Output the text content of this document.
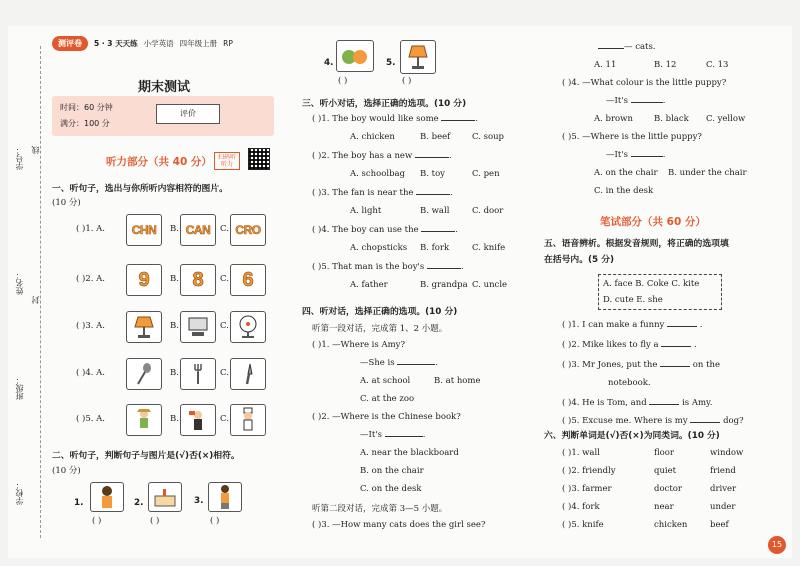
学号：
姓名：
班级：
学校：
线
封
测评卷	5 · 3 天天练 小学英语 四年级上册 RP
期末测试
时间：60 分钟
满分：100 分
评价
听力部分（共 40 分）	扫码听听力
一、听句子，选出与你所听内容相符的图片。
(10 分)
( )1. A.	B.	C.
CHN CAN CRO
( )2. A.	B.	C.
9 8 6
( )3. A.	B.	C.
( )4. A.	B.	C.
( )5. A.	B.	C.
二、听句子，判断句子与图片是(√)否(×)相符。
(10 分)
1.
( )
2.
( )
3.
( )
4.
( )
5.
( )
三、听小对话，选择正确的选项。(10 分)
( )1. The boy would like some	.
A. chicken	B. beef	C. soup
( )2. The boy has a new	.
A. schoolbag B. toy	C. pen
( )3. The fan is near the	.
A. light	B. wall	C. door
( )4. The boy can use the	.
A. chopsticks B. fork	C. knife
( )5. That man is the boy's	.
A. father	B. grandpa C. uncle
四、听对话，选择正确的选项。(10 分)
听第一段对话，完成第 1、2 小题。
( )1. —Where is Amy?
—She is	.
A. at school	B. at home
C. at the zoo
( )2. —Where is the Chinese book?
—It's	.
A. near the blackboard
B. on the chair
C. on the desk
听第二段对话，完成第 3—5 小题。
( )3. —How many cats does the girl see?
— cats.
A. 11	B. 12	C. 13
( )4. —What colour is the little puppy?
—It's	.
A. brown B. black C. yellow
( )5. —Where is the little puppy?
—It's	.
A. on the chair B. under the chair
C. in the desk
笔试部分（共 60 分）
五、语音辨析。根据发音规则，将正确的选项填
在括号内。(5 分)
A. face B. Coke C. kite
D. cute E. she
( )1. I can make a funny	.
( )2. Mike likes to fly a	.
( )3. Mr Jones, put the	on the
notebook.
( )4. He is Tom, and	is Amy.
( )5. Excuse me. Where is my	dog?
六、判断单词是(√)否(×)为同类词。(10 分)
( )1. wall	floor	window
( )2. friendly	quiet	friend
( )3. farmer	doctor	driver
( )4. fork	near	under
( )5. knife	chicken	beef
15
